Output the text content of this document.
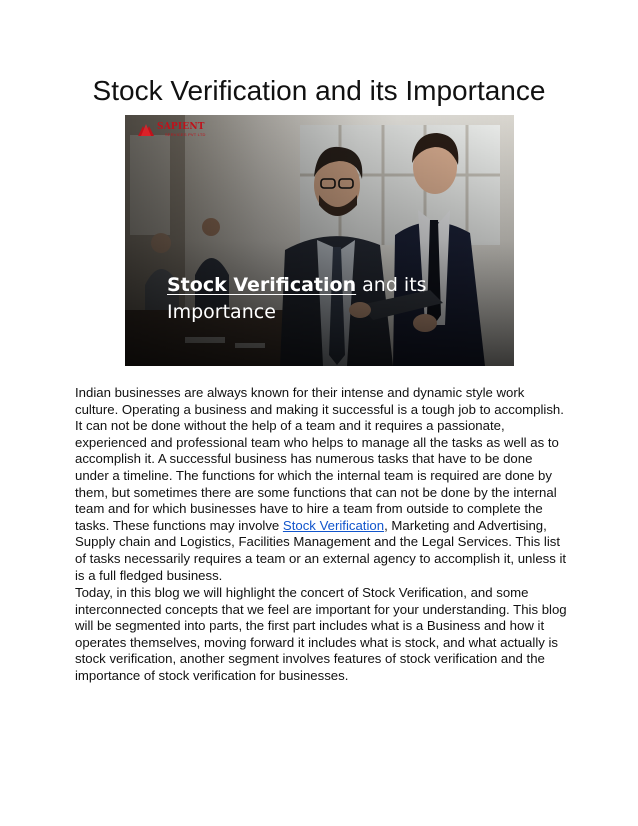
Stock Verification and its Importance
SAPIENT
SERVICES PVT LTD
Stock Verification and its
Importance

Indian businesses are always known for their intense and dynamic style work culture. Operating a business and making it successful is a tough job to accomplish. It can not be done without the help of a team and it requires a passionate, experienced and professional team who helps to manage all the tasks as well as to accomplish it. A successful business has numerous tasks that have to be done under a timeline. The functions for which the internal team is required are done by them, but sometimes there are some functions that can not be done by the internal team and for which businesses have to hire a team from outside to complete the tasks. These functions may involve Stock Verification, Marketing and Advertising, Supply chain and Logistics, Facilities Management and the Legal Services. This list of tasks necessarily requires a team or an external agency to accomplish it, unless it is a full fledged business.

Today, in this blog we will highlight the concert of Stock Verification, and some interconnected concepts that we feel are important for your understanding. This blog will be segmented into parts, the first part includes what is a Business and how it operates themselves, moving forward it includes what is stock, and what actually is stock verification, another segment involves features of stock verification and the importance of stock verification for businesses.
